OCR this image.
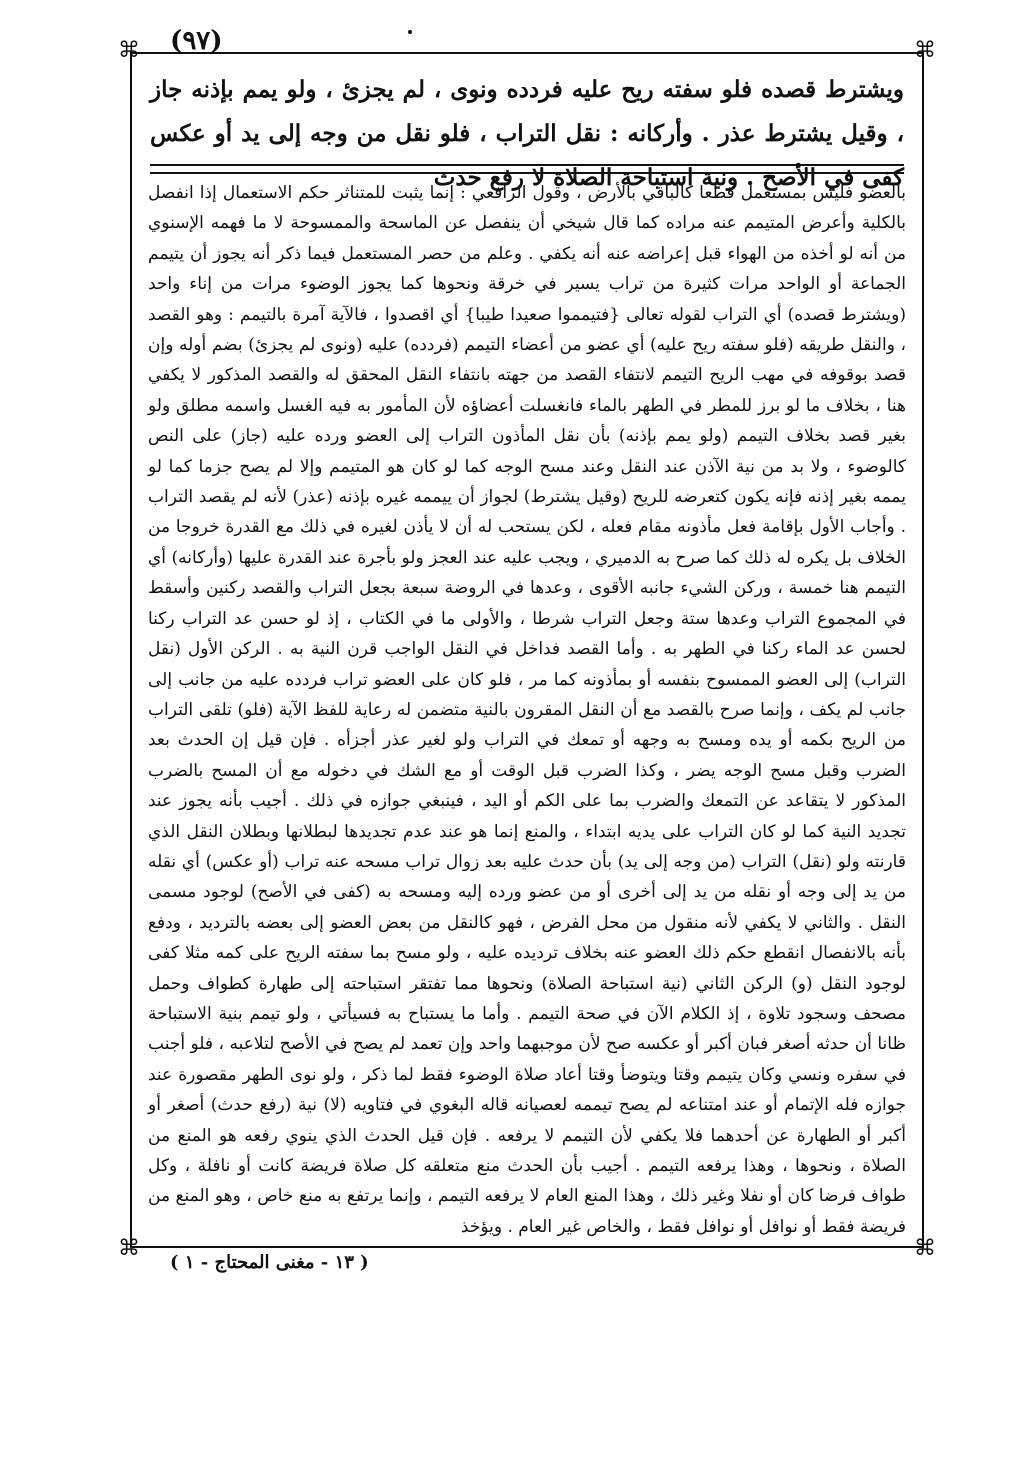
(٩٧)
⌘	⌘
⌘	⌘
ويشترط قصده فلو سفته ريح عليه فردده ونوى ، لم يجزئ ، ولو يمم بإذنه جاز ، وقيل يشترط عذر . وأركانه : نقل التراب ، فلو نقل من وجه إلى يد أو عكس كفى في الأصح . ونية استباحة الصلاة لا رفع حدث

بالعضو فليس بمستعمل قطعا كالباقي بالأرض ، وقول الرافعي : إنما يثبت للمتناثر حكم الاستعمال إذا انفصل بالكلية وأعرض المتيمم عنه مراده كما قال شيخي أن ينفصل عن الماسحة والممسوحة لا ما فهمه الإسنوي من أنه لو أخذه من الهواء قبل إعراضه عنه أنه يكفي . وعلم من حصر المستعمل فيما ذكر أنه يجوز أن يتيمم الجماعة أو الواحد مرات كثيرة من تراب يسير في خرقة ونحوها كما يجوز الوضوء مرات من إناء واحد (ويشترط قصده) أي التراب لقوله تعالى {فتيمموا صعيدا طيبا} أي اقصدوا ، فالآية آمرة بالتيمم : وهو القصد ، والنقل طريقه (فلو سفته ريح عليه) أي عضو من أعضاء التيمم (فردده) عليه (ونوى لم يجزئ) بضم أوله وإن قصد بوقوفه في مهب الريح التيمم لانتفاء القصد من جهته بانتفاء النقل المحقق له والقصد المذكور لا يكفي هنا ، بخلاف ما لو برز للمطر في الطهر بالماء فانغسلت أعضاؤه لأن المأمور به فيه الغسل واسمه مطلق ولو بغير قصد بخلاف التيمم (ولو يمم بإذنه) بأن نقل المأذون التراب إلى العضو ورده عليه (جاز) على النص كالوضوء ، ولا بد من نية الآذن عند النقل وعند مسح الوجه كما لو كان هو المتيمم وإلا لم يصح جزما كما لو يممه بغير إذنه فإنه يكون كتعرضه للريح (وقيل يشترط) لجواز أن ييممه غيره بإذنه (عذر) لأنه لم يقصد التراب . وأجاب الأول بإقامة فعل مأذونه مقام فعله ، لكن يستحب له أن لا يأذن لغيره في ذلك مع القدرة خروجا من الخلاف بل يكره له ذلك كما صرح به الدميري ، ويجب عليه عند العجز ولو بأجرة عند القدرة عليها (وأركانه) أي التيمم هنا خمسة ، وركن الشيء جانبه الأقوى ، وعدها في الروضة سبعة بجعل التراب والقصد ركنين وأسقط في المجموع التراب وعدها ستة وجعل التراب شرطا ، والأولى ما في الكتاب ، إذ لو حسن عد التراب ركنا لحسن عد الماء ركنا في الطهر به . وأما القصد فداخل في النقل الواجب قرن النية به . الركن الأول (نقل التراب) إلى العضو الممسوح بنفسه أو بمأذونه كما مر ، فلو كان على العضو تراب فردده عليه من جانب إلى جانب لم يكف ، وإنما صرح بالقصد مع أن النقل المقرون بالنية متضمن له رعاية للفظ الآية (فلو) تلقى التراب من الريح بكمه أو يده ومسح به وجهه أو تمعك في التراب ولو لغير عذر أجزأه . فإن قيل إن الحدث بعد الضرب وقبل مسح الوجه يضر ، وكذا الضرب قبل الوقت أو مع الشك في دخوله مع أن المسح بالضرب المذكور لا يتقاعد عن التمعك والضرب بما على الكم أو اليد ، فينبغي جوازه في ذلك . أجيب بأنه يجوز عند تجديد النية كما لو كان التراب على يديه ابتداء ، والمنع إنما هو عند عدم تجديدها لبطلانها وبطلان النقل الذي قارنته ولو (نقل) التراب (من وجه إلى يد) بأن حدث عليه بعد زوال تراب مسحه عنه تراب (أو عكس) أي نقله من يد إلى وجه أو نقله من يد إلى أخرى أو من عضو ورده إليه ومسحه به (كفى في الأصح) لوجود مسمى النقل . والثاني لا يكفي لأنه منقول من محل الفرض ، فهو كالنقل من بعض العضو إلى بعضه بالترديد ، ودفع بأنه بالانفصال انقطع حكم ذلك العضو عنه بخلاف ترديده عليه ، ولو مسح بما سفته الريح على كمه مثلا كفى لوجود النقل (و) الركن الثاني (نية استباحة الصلاة) ونحوها مما تفتقر استباحته إلى طهارة كطواف وحمل مصحف وسجود تلاوة ، إذ الكلام الآن في صحة التيمم . وأما ما يستباح به فسيأتي ، ولو تيمم بنية الاستباحة ظانا أن حدثه أصغر فبان أكبر أو عكسه صح لأن موجبهما واحد وإن تعمد لم يصح في الأصح لتلاعبه ، فلو أجنب في سفره ونسي وكان يتيمم وقتا ويتوضأ وقتا أعاد صلاة الوضوء فقط لما ذكر ، ولو نوى الطهر مقصورة عند جوازه فله الإتمام أو عند امتناعه لم يصح تيممه لعصيانه قاله البغوي في فتاويه (لا) نية (رفع حدث) أصغر أو أكبر أو الطهارة عن أحدهما فلا يكفي لأن التيمم لا يرفعه . فإن قيل الحدث الذي ينوي رفعه هو المنع من الصلاة ، ونحوها ، وهذا يرفعه التيمم . أجيب بأن الحدث منع متعلقه كل صلاة فريضة كانت أو نافلة ، وكل طواف فرضا كان أو نفلا وغير ذلك ، وهذا المنع العام لا يرفعه التيمم ، وإنما يرتفع به منع خاص ، وهو المنع من فريضة فقط أو نوافل أو نوافل فقط ، والخاص غير العام . ويؤخذ

( ١٣ - مغنى المحتاج - ١ )
